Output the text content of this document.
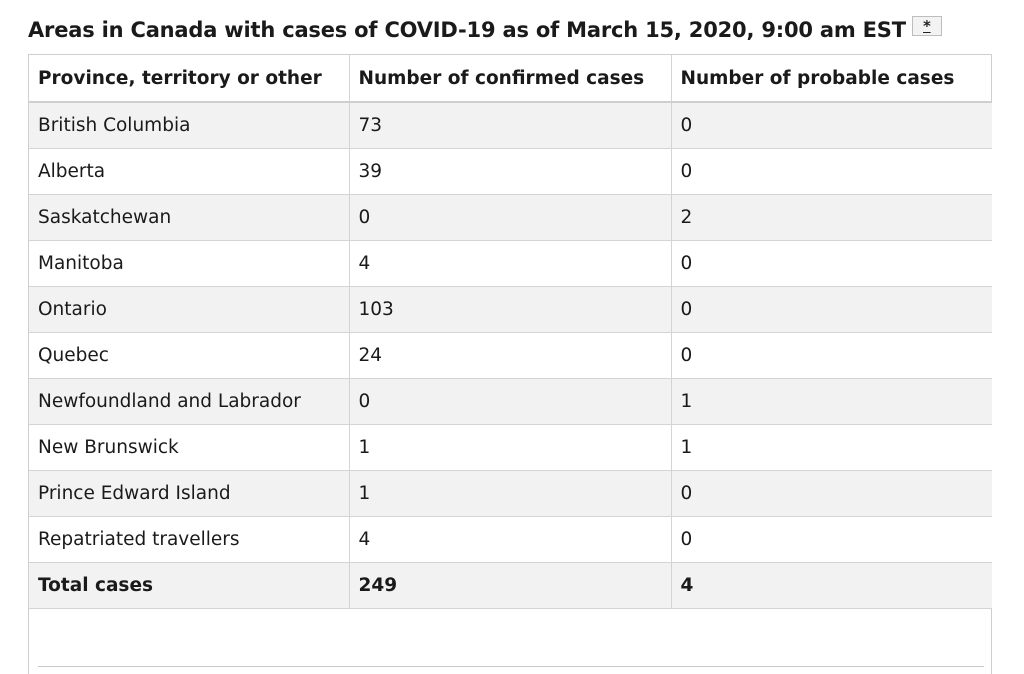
Areas in Canada with cases of COVID-19 as of March 15, 2020, 9:00 am EST	*
Province, territory or other	Number of confirmed cases	Number of probable cases
British Columbia	73	0
Alberta	39	0
Saskatchewan	0	2
Manitoba	4	0
Ontario	103	0
Quebec	24	0
Newfoundland and Labrador	0	1
New Brunswick	1	1
Prince Edward Island	1	0
Repatriated travellers	4	0
Total cases	249	4
